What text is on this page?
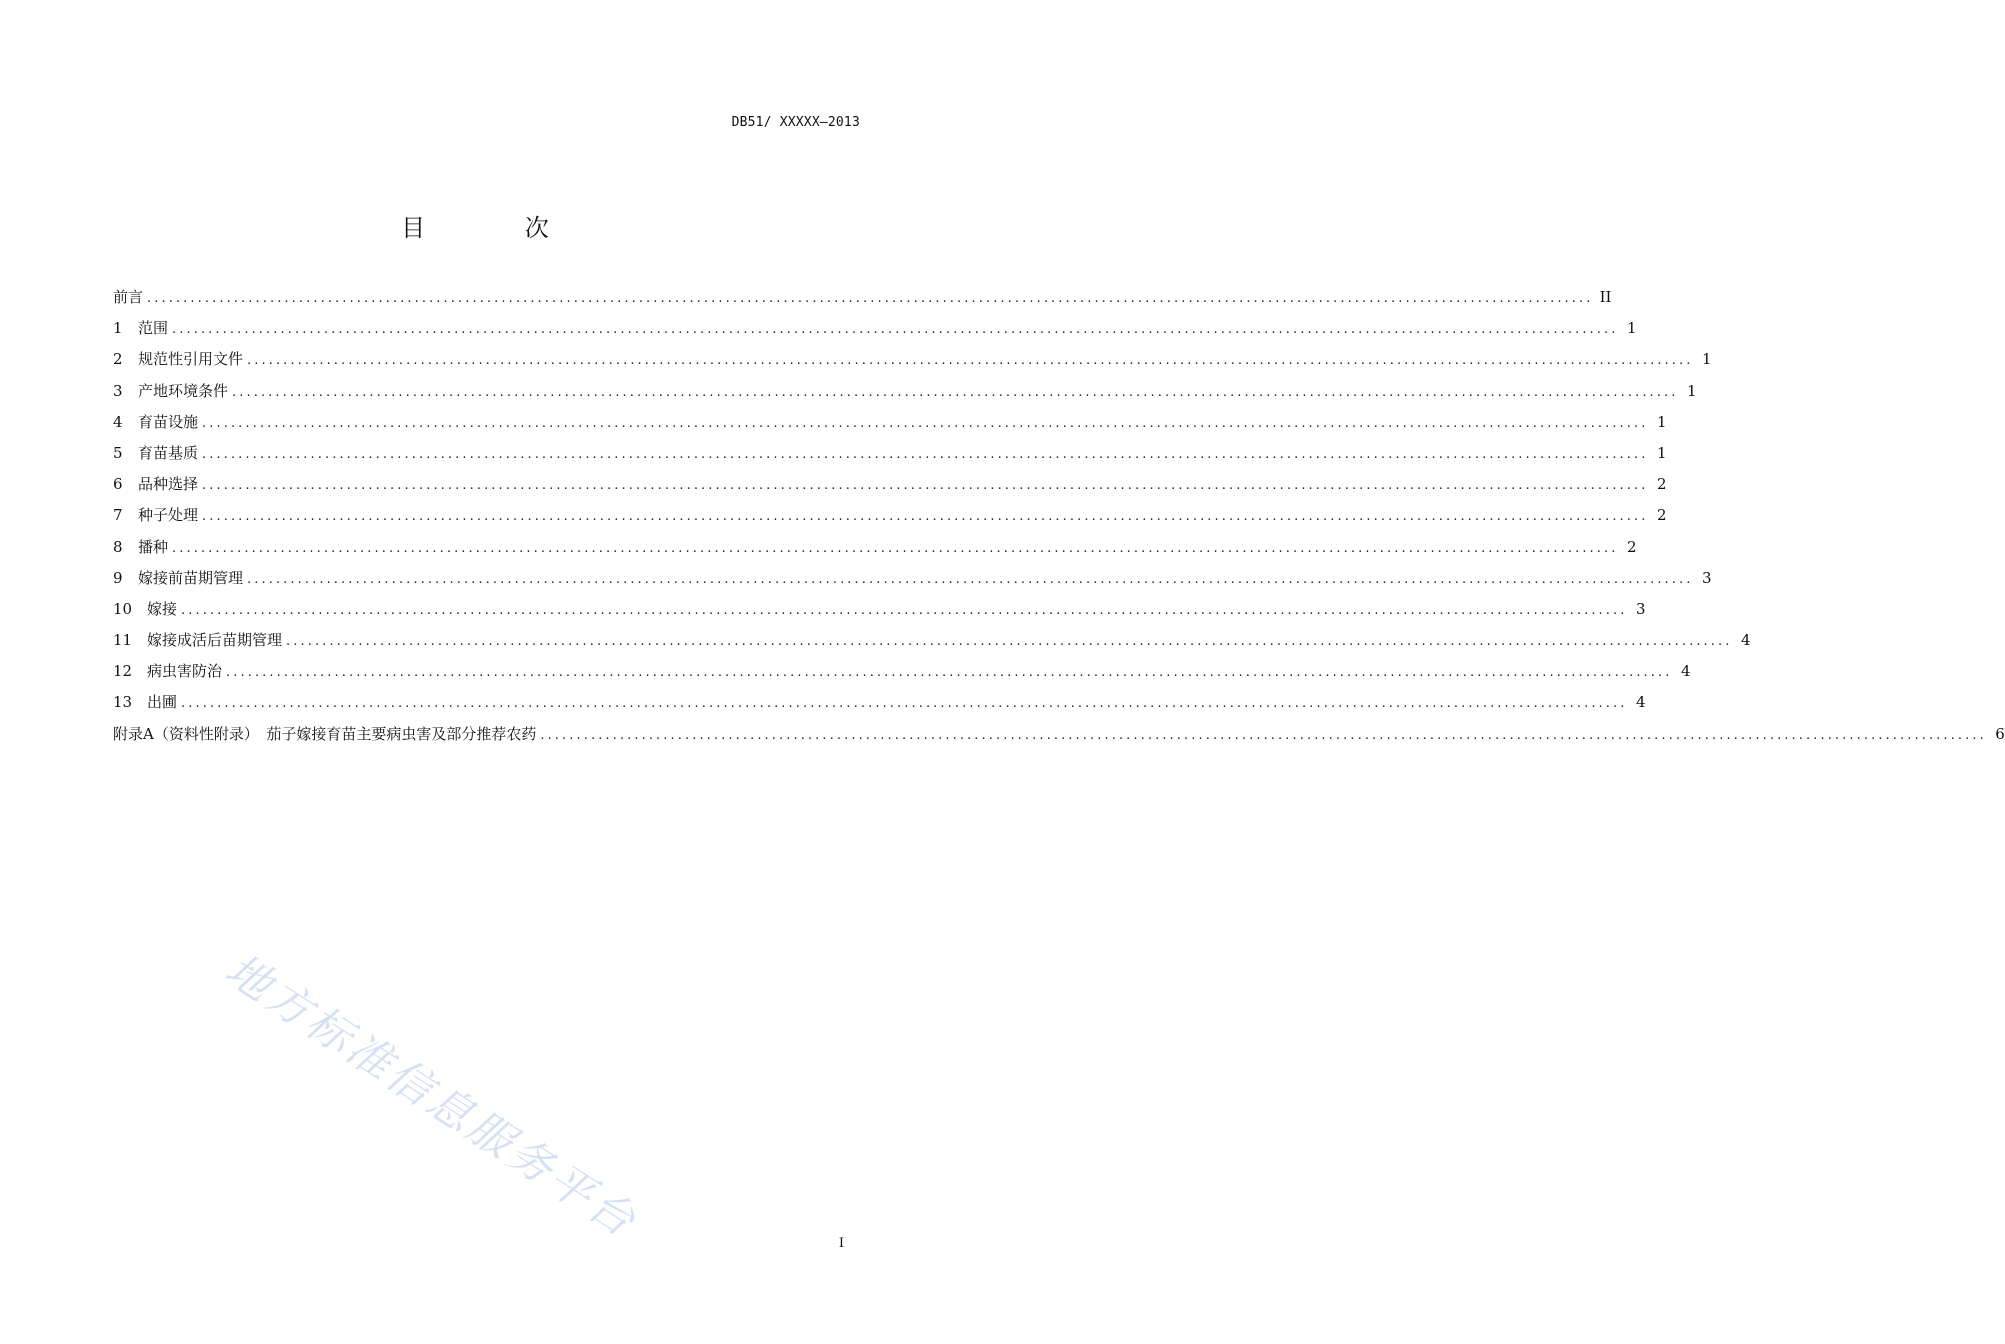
DB51/ XXXXX—2013
目 次
前言 ........................................................................................................................................................................................................ II
1	范围 ........................................................................................................................................................................................................ 1
2	规范性引用文件 ........................................................................................................................................................................................................ 1
3	产地环境条件 ........................................................................................................................................................................................................ 1
4	育苗设施 ........................................................................................................................................................................................................ 1
5	育苗基质 ........................................................................................................................................................................................................ 1
6	品种选择 ........................................................................................................................................................................................................ 2
7	种子处理 ........................................................................................................................................................................................................ 2
8	播种 ........................................................................................................................................................................................................ 2
9	嫁接前苗期管理 ........................................................................................................................................................................................................ 3
10 嫁接 ........................................................................................................................................................................................................ 3
11 嫁接成活后苗期管理 ........................................................................................................................................................................................................ 4
12 病虫害防治 ........................................................................................................................................................................................................ 4
13 出圃 ........................................................................................................................................................................................................ 4
附录A（资料性附录）　茄子嫁接育苗主要病虫害及部分推荐农药 ........................................................................................................................................................................................................ 6
地方标准信息服务平台	I
